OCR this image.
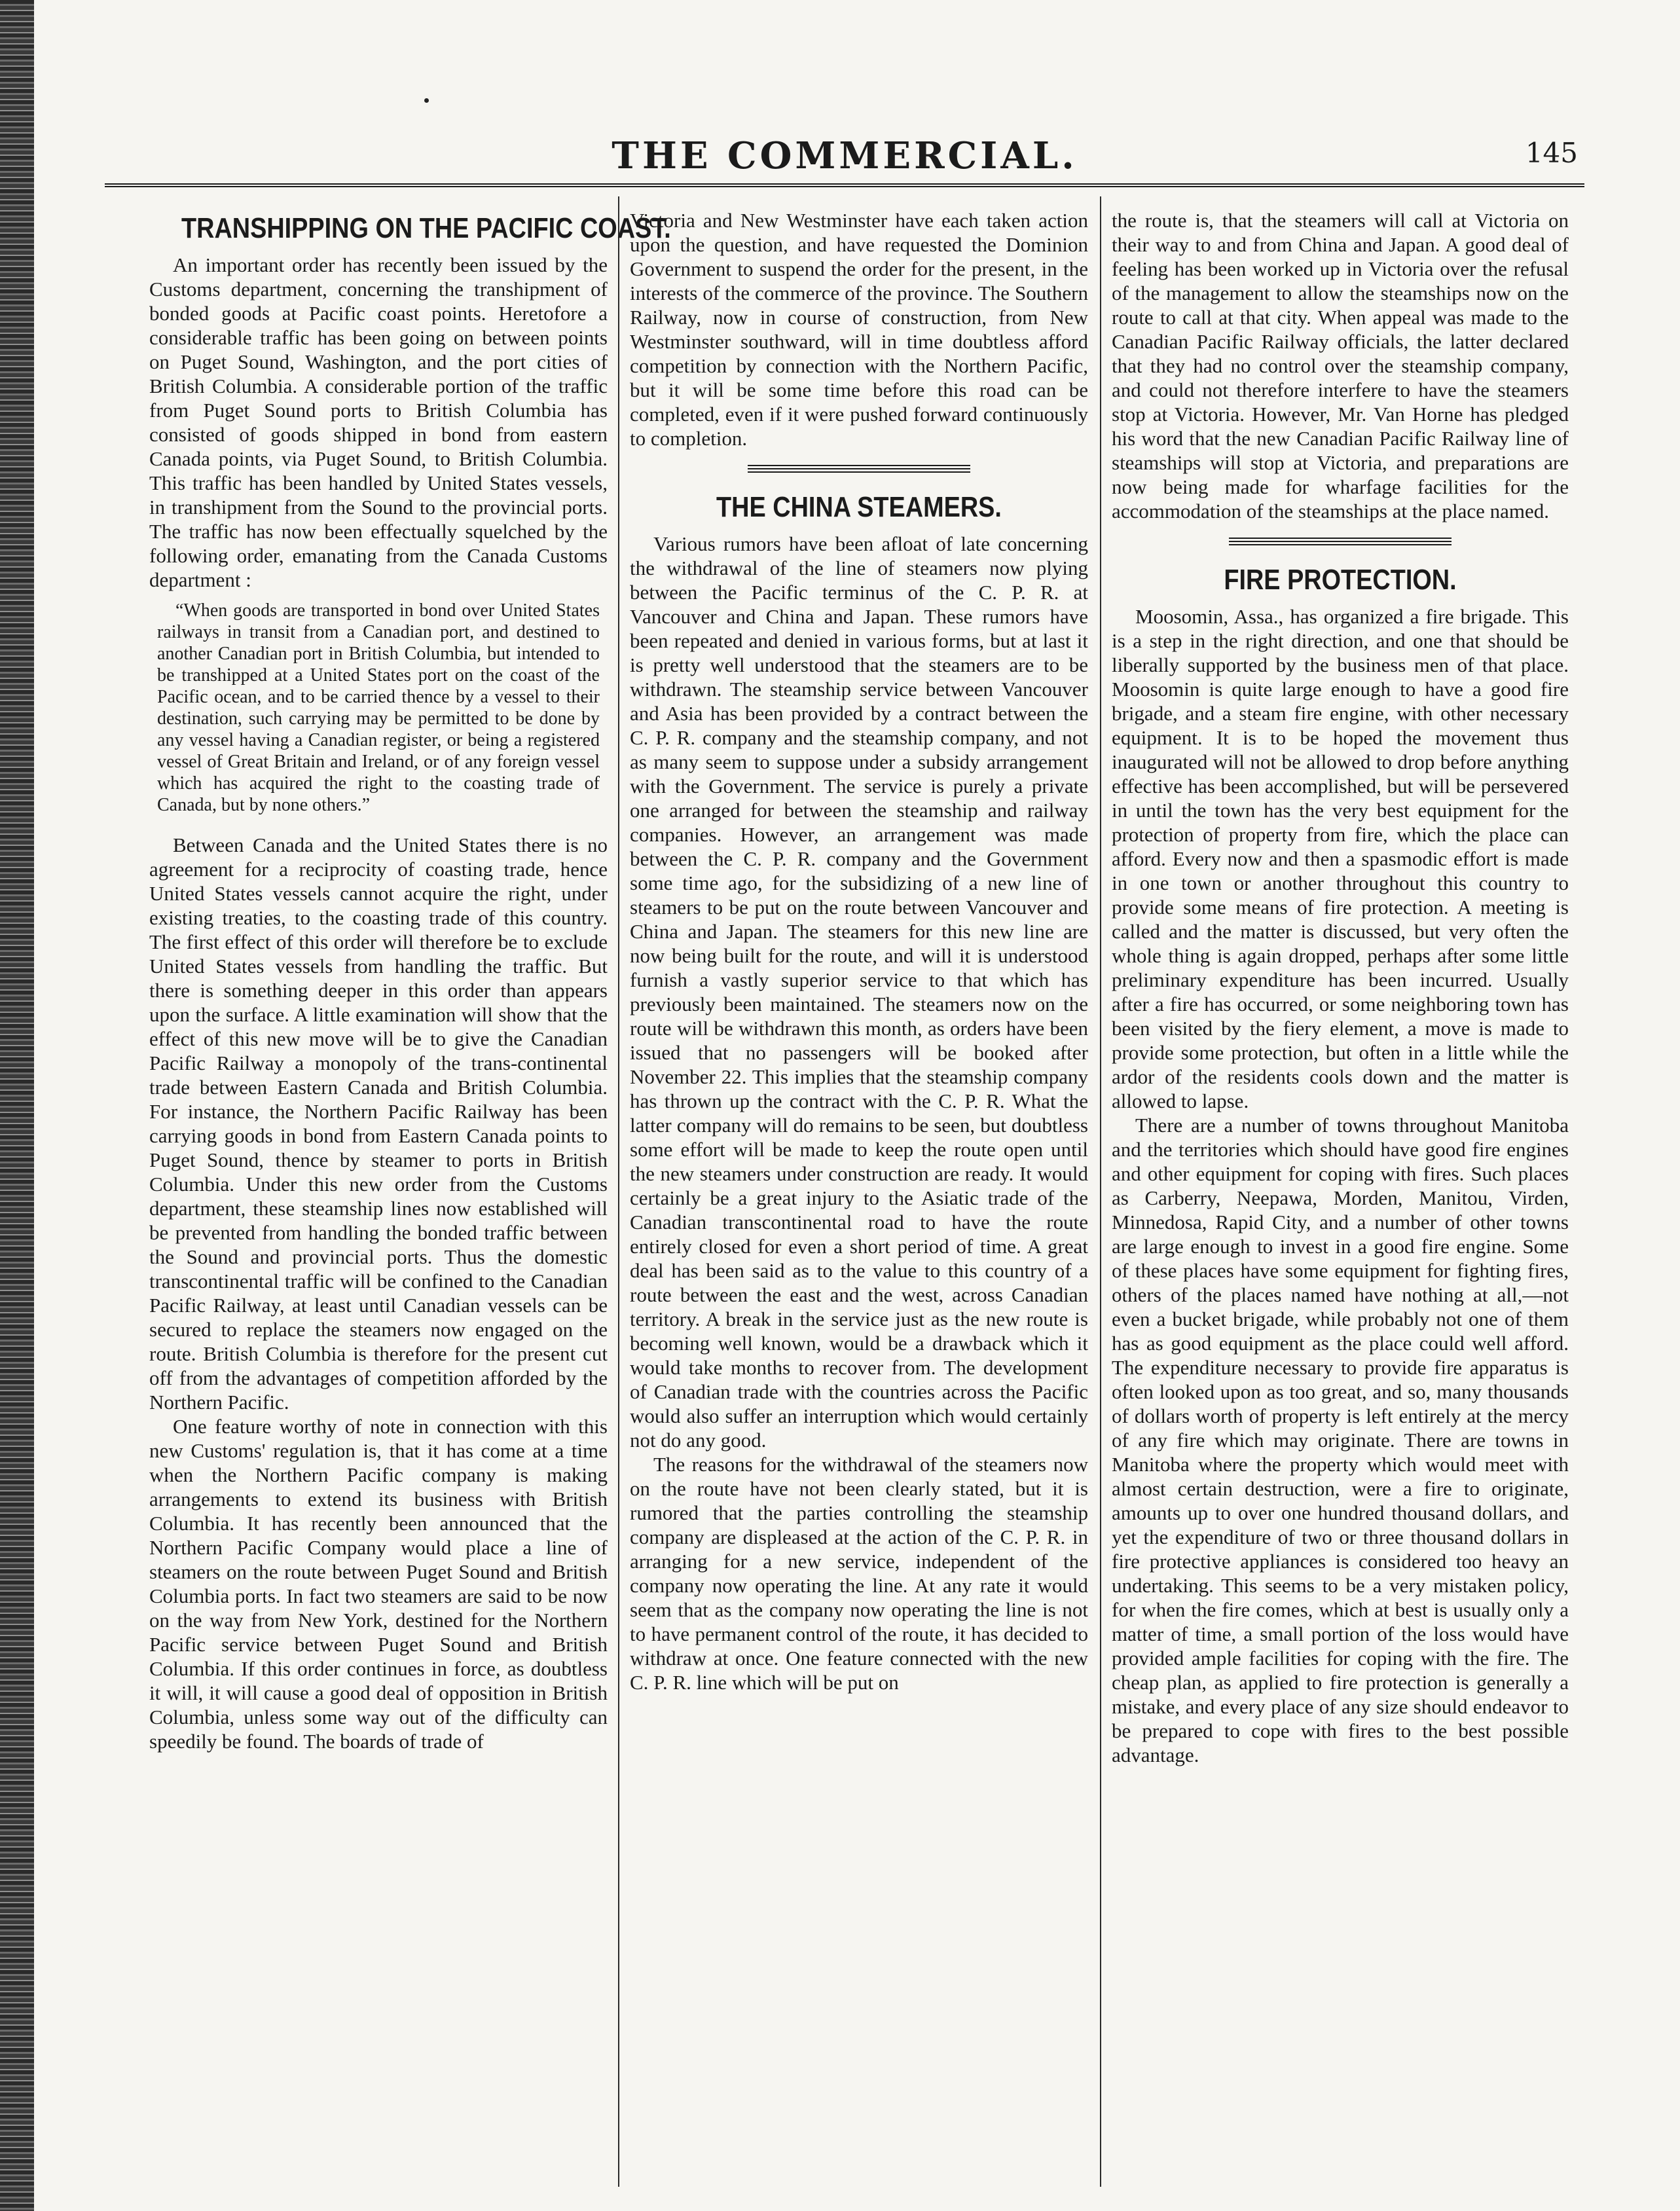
THE COMMERCIAL.	145
TRANSHIPPING ON THE PACIFIC COAST.

An important order has recently been issued by the Customs department, concerning the transhipment of bonded goods at Pacific coast points. Heretofore a considerable traffic has been going on between points on Puget Sound, Washington, and the port cities of British Columbia. A considerable portion of the traffic from Puget Sound ports to British Columbia has consisted of goods shipped in bond from eastern Canada points, via Puget Sound, to British Columbia. This traffic has been handled by United States vessels, in transhipment from the Sound to the provincial ports. The traffic has now been effectually squelched by the following order, emanating from the Canada Customs department :

“When goods are transported in bond over United States railways in transit from a Canadian port, and destined to another Canadian port in British Columbia, but intended to be transhipped at a United States port on the coast of the Pacific ocean, and to be carried thence by a vessel to their destination, such carrying may be permitted to be done by any vessel having a Canadian register, or being a registered vessel of Great Britain and Ireland, or of any foreign vessel which has acquired the right to the coasting trade of Canada, but by none others.”

Between Canada and the United States there is no agreement for a reciprocity of coasting trade, hence United States vessels cannot acquire the right, under existing treaties, to the coasting trade of this country. The first effect of this order will therefore be to exclude United States vessels from handling the traffic. But there is something deeper in this order than appears upon the surface. A little examination will show that the effect of this new move will be to give the Canadian Pacific Railway a monopoly of the trans-continental trade between Eastern Canada and British Columbia. For instance, the Northern Pacific Railway has been carrying goods in bond from Eastern Canada points to Puget Sound, thence by steamer to ports in British Columbia. Under this new order from the Customs department, these steamship lines now established will be prevented from handling the bonded traffic between the Sound and provincial ports. Thus the domestic transcontinental traffic will be confined to the Canadian Pacific Railway, at least until Canadian vessels can be secured to replace the steamers now engaged on the route. British Columbia is therefore for the present cut off from the advantages of competition afforded by the Northern Pacific.

One feature worthy of note in connection with this new Customs' regulation is, that it has come at a time when the Northern Pacific company is making arrangements to extend its business with British Columbia. It has recently been announced that the Northern Pacific Company would place a line of steamers on the route between Puget Sound and British Columbia ports. In fact two steamers are said to be now on the way from New York, destined for the Northern Pacific service between Puget Sound and British Columbia. If this order continues in force, as doubtless it will, it will cause a good deal of opposition in British Columbia, unless some way out of the difficulty can speedily be found. The boards of trade of

Victoria and New Westminster have each taken action upon the question, and have requested the Dominion Government to suspend the order for the present, in the interests of the commerce of the province. The Southern Railway, now in course of construction, from New Westminster southward, will in time doubtless afford competition by connection with the Northern Pacific, but it will be some time before this road can be completed, even if it were pushed forward continuously to completion.

THE CHINA STEAMERS.

Various rumors have been afloat of late concerning the withdrawal of the line of steamers now plying between the Pacific terminus of the C. P. R. at Vancouver and China and Japan. These rumors have been repeated and denied in various forms, but at last it is pretty well understood that the steamers are to be withdrawn. The steamship service between Vancouver and Asia has been provided by a contract between the C. P. R. company and the steamship company, and not as many seem to suppose under a subsidy arrangement with the Government. The service is purely a private one arranged for between the steamship and railway companies. However, an arrangement was made between the C. P. R. company and the Government some time ago, for the subsidizing of a new line of steamers to be put on the route between Vancouver and China and Japan. The steamers for this new line are now being built for the route, and will it is understood furnish a vastly superior service to that which has previously been maintained. The steamers now on the route will be withdrawn this month, as orders have been issued that no passengers will be booked after November 22. This implies that the steamship company has thrown up the contract with the C. P. R. What the latter company will do remains to be seen, but doubtless some effort will be made to keep the route open until the new steamers under construction are ready. It would certainly be a great injury to the Asiatic trade of the Canadian transcontinental road to have the route entirely closed for even a short period of time. A great deal has been said as to the value to this country of a route between the east and the west, across Canadian territory. A break in the service just as the new route is becoming well known, would be a drawback which it would take months to recover from. The development of Canadian trade with the countries across the Pacific would also suffer an interruption which would certainly not do any good.

The reasons for the withdrawal of the steamers now on the route have not been clearly stated, but it is rumored that the parties controlling the steamship company are displeased at the action of the C. P. R. in arranging for a new service, independent of the company now operating the line. At any rate it would seem that as the company now operating the line is not to have permanent control of the route, it has decided to withdraw at once. One feature connected with the new C. P. R. line which will be put on

the route is, that the steamers will call at Victoria on their way to and from China and Japan. A good deal of feeling has been worked up in Victoria over the refusal of the management to allow the steamships now on the route to call at that city. When appeal was made to the Canadian Pacific Railway officials, the latter declared that they had no control over the steamship company, and could not therefore interfere to have the steamers stop at Victoria. However, Mr. Van Horne has pledged his word that the new Canadian Pacific Railway line of steamships will stop at Victoria, and preparations are now being made for wharfage facilities for the accommodation of the steamships at the place named.

FIRE PROTECTION.

Moosomin, Assa., has organized a fire brigade. This is a step in the right direction, and one that should be liberally supported by the business men of that place. Moosomin is quite large enough to have a good fire brigade, and a steam fire engine, with other necessary equipment. It is to be hoped the movement thus inaugurated will not be allowed to drop before anything effective has been accomplished, but will be persevered in until the town has the very best equipment for the protection of property from fire, which the place can afford. Every now and then a spasmodic effort is made in one town or another throughout this country to provide some means of fire protection. A meeting is called and the matter is discussed, but very often the whole thing is again dropped, perhaps after some little preliminary expenditure has been incurred. Usually after a fire has occurred, or some neighboring town has been visited by the fiery element, a move is made to provide some protection, but often in a little while the ardor of the residents cools down and the matter is allowed to lapse.

There are a number of towns throughout Manitoba and the territories which should have good fire engines and other equipment for coping with fires. Such places as Carberry, Neepawa, Morden, Manitou, Virden, Minnedosa, Rapid City, and a number of other towns are large enough to invest in a good fire engine. Some of these places have some equipment for fighting fires, others of the places named have nothing at all,—not even a bucket brigade, while probably not one of them has as good equipment as the place could well afford. The expenditure necessary to provide fire apparatus is often looked upon as too great, and so, many thousands of dollars worth of property is left entirely at the mercy of any fire which may originate. There are towns in Manitoba where the property which would meet with almost certain destruction, were a fire to originate, amounts up to over one hundred thousand dollars, and yet the expenditure of two or three thousand dollars in fire protective appliances is considered too heavy an undertaking. This seems to be a very mistaken policy, for when the fire comes, which at best is usually only a matter of time, a small portion of the loss would have provided ample facilities for coping with the fire. The cheap plan, as applied to fire protection is generally a mistake, and every place of any size should endeavor to be prepared to cope with fires to the best possible advantage.
